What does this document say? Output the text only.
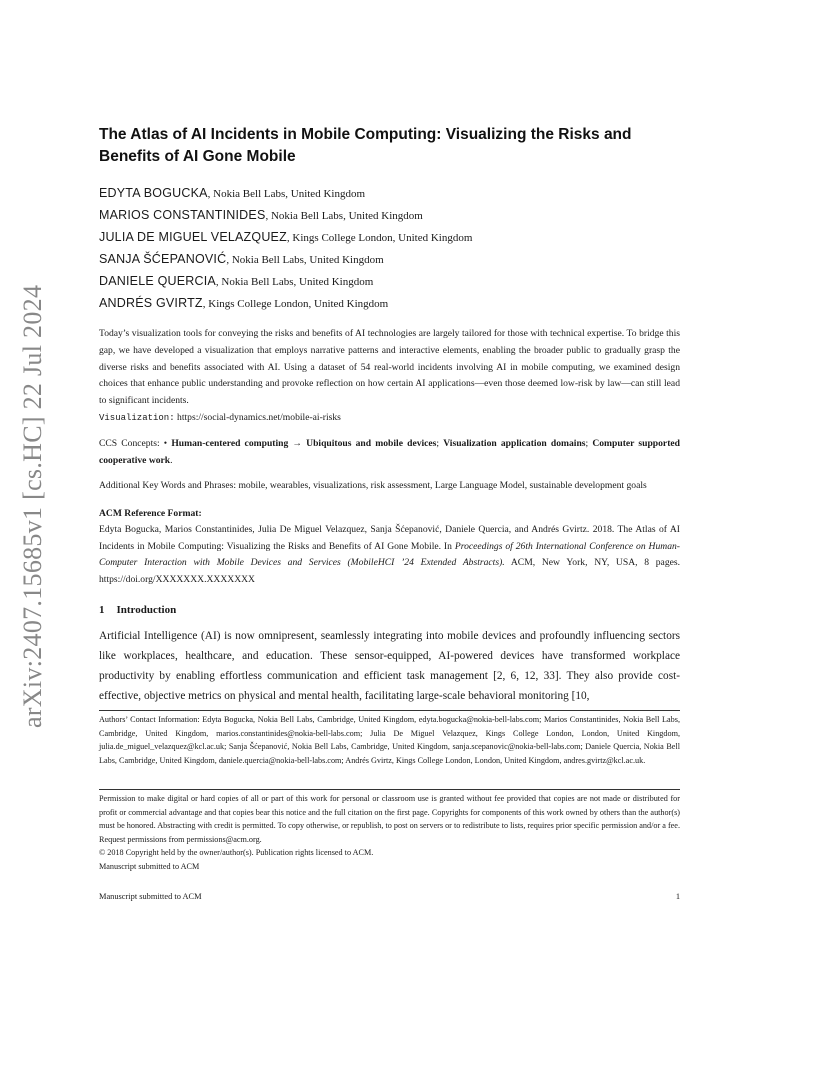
arXiv:2407.15685v1 [cs.HC] 22 Jul 2024
The Atlas of AI Incidents in Mobile Computing: Visualizing the Risks and Benefits of AI Gone Mobile

EDYTA BOGUCKA, Nokia Bell Labs, United Kingdom

MARIOS CONSTANTINIDES, Nokia Bell Labs, United Kingdom

JULIA DE MIGUEL VELAZQUEZ, Kings College London, United Kingdom

SANJA ŠĆEPANOVIĆ, Nokia Bell Labs, United Kingdom

DANIELE QUERCIA, Nokia Bell Labs, United Kingdom

ANDRÉS GVIRTZ, Kings College London, United Kingdom

Today’s visualization tools for conveying the risks and benefits of AI technologies are largely tailored for those with technical expertise. To bridge this gap, we have developed a visualization that employs narrative patterns and interactive elements, enabling the broader public to gradually grasp the diverse risks and benefits associated with AI. Using a dataset of 54 real-world incidents involving AI in mobile computing, we examined design choices that enhance public understanding and provoke reflection on how certain AI applications—even those deemed low-risk by law—can still lead to significant incidents.

Visualization: https://social-dynamics.net/mobile-ai-risks

CCS Concepts: • Human-centered computing → Ubiquitous and mobile devices; Visualization application domains; Computer supported cooperative work.
Additional Key Words and Phrases: mobile, wearables, visualizations, risk assessment, Large Language Model, sustainable development goals
ACM Reference Format:
Edyta Bogucka, Marios Constantinides, Julia De Miguel Velazquez, Sanja Šćepanović, Daniele Quercia, and Andrés Gvirtz. 2018. The Atlas of AI Incidents in Mobile Computing: Visualizing the Risks and Benefits of AI Gone Mobile. In Proceedings of 26th International Conference on Human-Computer Interaction with Mobile Devices and Services (MobileHCI ’24 Extended Abstracts). ACM, New York, NY, USA, 8 pages. https://doi.org/XXXXXXX.XXXXXXX
1 Introduction
Artificial Intelligence (AI) is now omnipresent, seamlessly integrating into mobile devices and profoundly influencing sectors like workplaces, healthcare, and education. These sensor-equipped, AI-powered devices have transformed workplace productivity by enabling effortless communication and efficient task management [2, 6, 12, 33]. They also provide cost-effective, objective metrics on physical and mental health, facilitating large-scale behavioral monitoring [10,
Authors’ Contact Information: Edyta Bogucka, Nokia Bell Labs, Cambridge, United Kingdom, edyta.bogucka@nokia-bell-labs.com; Marios Constantinides, Nokia Bell Labs, Cambridge, United Kingdom, marios.constantinides@nokia-bell-labs.com; Julia De Miguel Velazquez, Kings College London, London, United Kingdom, julia.de_miguel_velazquez@kcl.ac.uk; Sanja Šćepanović, Nokia Bell Labs, Cambridge, United Kingdom, sanja.scepanovic@nokia-bell-labs.com; Daniele Quercia, Nokia Bell Labs, Cambridge, United Kingdom, daniele.quercia@nokia-bell-labs.com; Andrés Gvirtz, Kings College London, London, United Kingdom, andres.gvirtz@kcl.ac.uk.

Permission to make digital or hard copies of all or part of this work for personal or classroom use is granted without fee provided that copies are not made or distributed for profit or commercial advantage and that copies bear this notice and the full citation on the first page. Copyrights for components of this work owned by others than the author(s) must be honored. Abstracting with credit is permitted. To copy otherwise, or republish, to post on servers or to redistribute to lists, requires prior specific permission and/or a fee. Request permissions from permissions@acm.org.

© 2018 Copyright held by the owner/author(s). Publication rights licensed to ACM.

Manuscript submitted to ACM

Manuscript submitted to ACM	1
